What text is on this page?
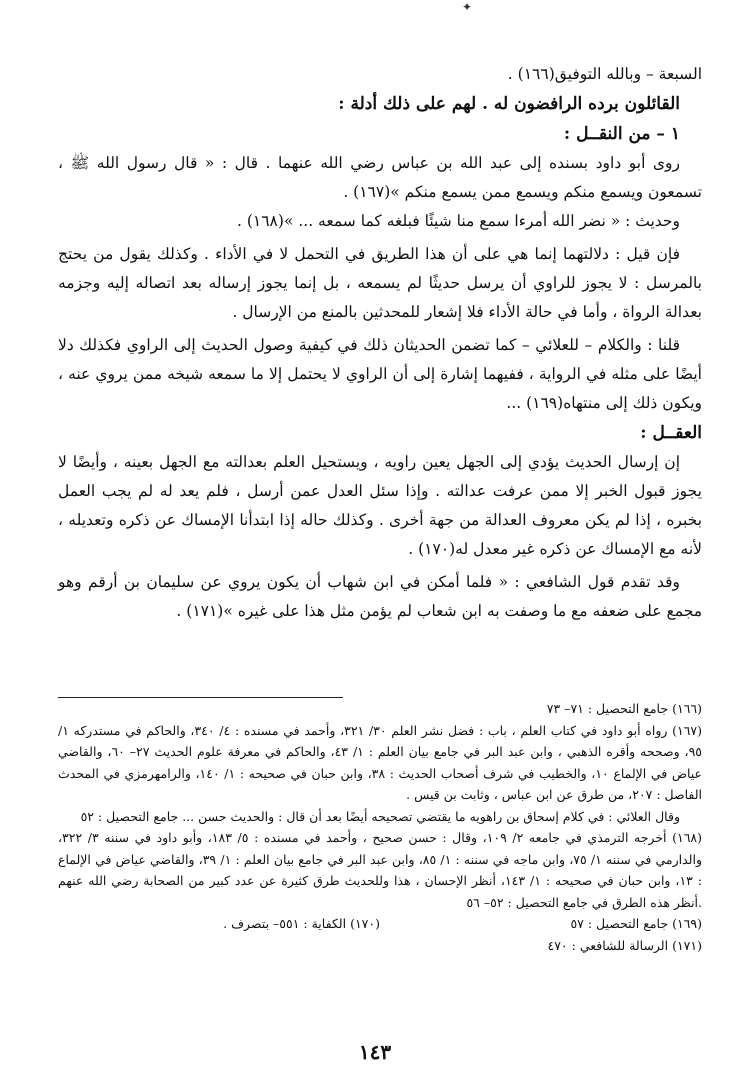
✦

السبعة – وبالله التوفيق(١٦٦) .

القائلون برده الرافضون له . لهم على ذلك أدلة :

١ – من النقــل :

روى أبو داود بسنده إلى عبد الله بن عباس رضي الله عنهما . قال : « قال رسول الله ﷺ ، تسمعون ويسمع منكم ويسمع ممن يسمع منكم »(١٦٧) .

وحديث : « نضر الله أمرءا سمع منا شيئًا فبلغه كما سمعه ... »(١٦٨) .

فإن قيل : دلالتهما إنما هي على أن هذا الطريق في التحمل لا في الأداء . وكذلك يقول من يحتج بالمرسل : لا يجوز للراوي أن يرسل حديثًا لم يسمعه ، بل إنما يجوز إرساله بعد اتصاله إليه وجزمه بعدالة الرواة ، وأما في حالة الأداء فلا إشعار للمحدثين بالمنع من الإرسال .

قلنا : والكلام – للعلائي – كما تضمن الحديثان ذلك في كيفية وصول الحديث إلى الراوي فكذلك دلا أيضًا على مثله في الرواية ، ففيهما إشارة إلى أن الراوي لا يحتمل إلا ما سمعه شيخه ممن يروي عنه ، ويكون ذلك إلى منتهاه(١٦٩) ...

العقــل :

إن إرسال الحديث يؤدي إلى الجهل يعين راويه ، ويستحيل العلم بعدالته مع الجهل بعينه ، وأيضًا لا يجوز قبول الخبر إلا ممن عرفت عدالته . وإذا سئل العدل عمن أرسل ، فلم يعد له لم يجب العمل بخبره ، إذا لم يكن معروف العدالة من جهة أخرى . وكذلك حاله إذا ابتدأنا الإمساك عن ذكره وتعديله ، لأنه مع الإمساك عن ذكره غير معدل له(١٧٠) .

وقد تقدم قول الشافعي : « فلما أمكن في ابن شهاب أن يكون يروي عن سليمان بن أرقم وهو مجمع على ضعفه مع ما وصفت به ابن شعاب لم يؤمن مثل هذا على غيره »(١٧١) .

(١٦٦) جامع التحصيل : ٧١– ٧٣

(١٦٧) رواه أبو داود في كتاب العلم ، باب : فضل نشر العلم ٣٠/ ٣٢١، وأحمد في مسنده : ٤/ ٣٤٠، والحاكم في مستدركه ١/ ٩٥، وصححه وأقره الذهبي ، وابن عبد البر في جامع بيان العلم : ١/ ٤٣، والحاكم في معرفة علوم الحديث ٢٧– ٦٠، والقاضي عياض في الإلماع ١٠، والخطيب في شرف أصحاب الحديث : ٣٨، وابن حبان في صحيحه : ١/ ١٤٠، والرامهرمزي في المحدث الفاصل : ٢٠٧، من طرق عن ابن عباس ، وثابت بن قيس .

وقال العلائي : في كلام إسحاق بن راهويه ما يقتضي تصحيحه أيضًا بعد أن قال : والحديث حسن ... جامع التحصيل : ٥٢

(١٦٨) أخرجه الترمذي في جامعه ٢/ ١٠٩، وقال : حسن صحيح ، وأحمد في مسنده : ٥/ ١٨٣، وأبو داود في سننه ٣/ ٣٢٢، والدارمي في سننه ١/ ٧٥، وابن ماجه في سننه : ١/ ٨٥، وابن عبد البر في جامع بيان العلم : ١/ ٣٩، والقاضي عياض في الإلماع : ١٣، وابن حبان في صحيحه : ١/ ١٤٣، أنظر الإحسان ، هذا وللحديث طرق كثيرة عن عدد كبير من الصحابة رضي الله عنهم .أنظر هذه الطرق في جامع التحصيل : ٥٢– ٥٦

(١٦٩) جامع التحصيل : ٥٧

(١٧٠) الكفاية : ٥٥١– بتصرف .

(١٧١) الرسالة للشافعي : ٤٧٠

١٤٣
